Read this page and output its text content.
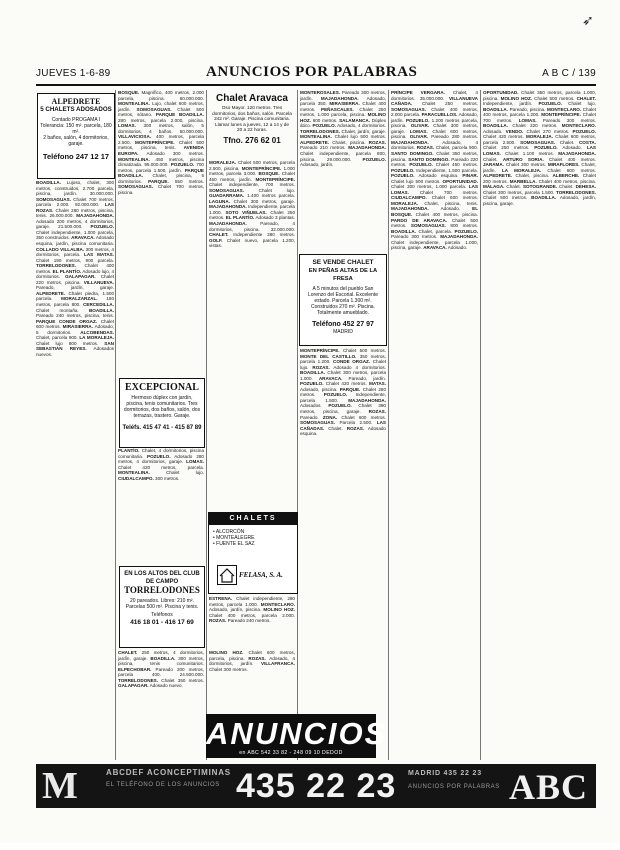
➶
JUEVES 1-6-89	ANUNCIOS POR PALABRAS	A B C / 139

BOADILLA. Lujoso, chalet, 300 metros, construidos, 2.700 parcela, piscina, jardín. 30.000.000. SOMOSAGUAS. Chalet 700 metros, parcela 2.000. 92.000.000. LAS ROZAS. Chalet 280 metros, piscina, tenis. 26.000.000. MAJADAHONDA. Adosado 200 metros, 4 dormitorios, garaje. 21.500.000. POZUELO. Chalet independiente, 1.000 parcela, 350 construidos. ARAVACA. Adosado esquina, jardín, piscina comunitaria. COLLADO VILLALBA. 300 metros, 4 dormitorios, parcela. LAS MATAS. Chalet 190 metros, 900 parcela. TORRELODONES. Chalet 400 metros. EL PLANTÍO. Adosado lujo, 4 dormitorios. GALAPAGAR. Chalet 220 metros, piscina. VILLANUEVA. Pareado, jardín, garaje. ALPEDRETE. Chalet piedra, 1.500 parcela. MORALZARZAL. 180 metros, parcela 800. CERCEDILLA. Chalet montaña. BOADILLA. Pareado 240 metros, piscina, tenis. PARQUE CONDE ORGAZ. Chalet 600 metros. MIRASIERRA. Adosado, 5 dormitorios. ALCOBENDAS. Chalet, parcela 900. LA MORALEJA. Chalet lujo 800 metros. SAN SEBASTIÁN REYES. Adosados nuevos.

ALPEDRETE
5 CHALETS ADOSADOS
Contado PROGAMA I
Tolerancia: 150 m². parcela, 180 m².
2 baños, salón, 4 dormitorios, garaje.
Teléfono 247 12 17

BOSQUE. Magnífico, 400 metros, 2.000 parcela, piscina. 60.000.000. MONTEALINA. Lujo, chalet 600 metros, jardín. SOMOSAGUAS. Chalet 500 metros, sótano. PARQUE BOADILLA. 280 metros, parcela 2.000, piscina. LOMAS. 300 metros, salón, 5 dormitorios, 4 baños. 50.000.000. VILLAVICIOSA. 400 metros, parcela 2.500. MONTEPRÍNCIPE. Chalet 500 metros, piscina, tenis. AVENIDA EUROPA. Adosado 300 metros. MONTEALINA. 450 metros, piscina climatizada. 95.000.000. POZUELO. 700 metros, parcela 1.500, jardín. PARQUE BOADILLA. Chalet, piscina, 5 dormitorios. PARQUE. 550 metros. SOMOSAGUAS. Chalet 700 metros, piscina.

PLANTÍO. Chalet, 4 dormitorios, piscina comunitaria. POZUELO. Adosado 280 metros, 4 dormitorios, garaje. LOMAS. Chalet 420 metros, parcela. MONTEALINA. Chalet lujo. CIUDALCAMPO. 300 metros.

CHALET. 250 metros, 4 dormitorios, jardín, garaje. BOADILLA. 300 metros, piscina, tenis comunitarios. ELPECHOBAR. Pareado 200 metros, parcela 400. 24.500.000. TORRELODONES. Chalet 350 metros. GALAPAGAR. Adosado nuevo.

EXCEPCIONAL
Hermoso dúplex con jardín, piscina, tenis comunitarios. Tres dormitorios, dos baños, salón, dos terrazas, trastero. Garaje.
Teléfs. 415 47 41 - 415 87 89
EN LOS ALTOS DEL CLUB
DE CAMPO
TORRELODONES
20 pareados. Libres: 210 m². Parcelas 500 m². Piscina y tenis.
Teléfonos
416 18 01 - 416 17 69

MORALEJA. Chalet 500 metros, parcela 2.500, piscina. MONTEPRÍNCIPE. 1.000 metros, parcela 3.000. BOSQUE. Chalet 450 metros, jardín. MONTEPRÍNCIPE. Chalet independiente, 700 metros. SOMOSAGUAS. Chalet lujo. GUADARRAMA. 1.400 metros parcela. LAGUNA. Chalet 300 metros, garaje. MAJADAHONDA. Independiente, parcela 1.000. SOTO VIÑUELAS. Chalet 250 metros. EL PLANTÍO. Adosado 3 plantas. MAJADAHONDA. Pareado, 4 dormitorios, piscina. 32.000.000. CHALET. Independiente 380 metros. GOLF. Chalet nuevo, parcela 1.200, vistas.

ESTRENA. Chalet independiente, 280 metros, parcela 1.000. MONTECLARO. Adosado, jardín, piscina. MOLINO HOZ. Chalet 400 metros, parcela 2.000. ROZAS. Pareado 240 metros.

MOLINO HOZ. Chalet 600 metros, parcela, piscina. ROZAS. Adosado, 4 dormitorios, jardín. VILLAFRANCA. Chalet 300 metros.

Chalet Aravaca
Oso Mayor. 120 metros. Tres dormitorios, dos baños, salón. Parcela 242 m². Garaje. Piscina comunitaria. Llamar lunes a jueves, 12 a 14 y de 20 a 22 horas.
Tfno. 276 62 01
CHALETS
• ALCORCÓN
• MONTEALEGRE
• FUENTE EL SAZ
FELASA, S. A.

MONTEROSALES. Pareado 300 metros, jardín. MAJADAHONDA. Adosado, parcela 350. MIRASIERRA. Chalet 400 metros. PEÑASCALES. Chalet 250 metros, 1.000 parcela, piscina. MOLINO HOZ. 600 metros. SALAMANCA. Dúplex ático. POZUELO. Adosado, 4 dormitorios. TORRELODONES. Chalet, jardín, garaje. MONTEALINA. Chalet lujo 500 metros. ALPEDRETE. Chalet, piscina. ROZAS. Pareado 210 metros. MAJADAHONDA. Chalet independiente, parcela 800, piscina. 29.000.000. POZUELO. Adosado, jardín.

MONTEPRÍNCIPE. Chalet 500 metros. MONTE DEL CASTILLO. 350 metros, parcela 1.200. CONDE ORGAZ. Chalet lujo. ROZAS. Adosado 4 dormitorios. BOADILLA. Chalet 300 metros, parcela 1.000. ARAVACA. Pareado, jardín. POZUELO. Chalet 420 metros. MATAS. Adosado, piscina. PARQUE. Chalet 280 metros. POZUELO. Independiente, parcela 1.500. MAJADAHONDA. Adosados. POZUELO. Chalet 390 metros, piscina, garaje. ROZAS. Pareado. ZONA. Chalet 600 metros. SOMOSAGUAS. Parcela 2.500. LAS CAÑADAS. Chalet. ROZAS. Adosado esquina.

SE VENDE CHALET
EN PEÑAS ALTAS DE LA FRESA
A 5 minutos del pueblo San Lorenzo del Escorial. Excelente estado. Parcela 1.300 m². Construidos 270 m². Piscina. Totalmente amueblado.
Teléfono 452 27 97
MADRID

PRÍNCIPE VERGARA. Chalet, 4 dormitorios. 35.000.000. VILLANUEVA CAÑADA. Chalet 250 metros. SOMOSAGUAS. Chalet 400 metros, 2.000 parcela. PARACUELLOS. Adosado, jardín. POZUELO. 1.200 metros parcela, piscina. OLIVAR. Chalet 300 metros, garaje. LOMAS. Chalet 600 metros, piscina. OLIVAR. Pareado 280 metros. MAJADAHONDA. Adosado, 4 dormitorios. ROZAS. Chalet, parcela 900. SANTO DOMINGO. Chalet 350 metros, piscina. SANTO DOMINGO. Pareado 220 metros. POZUELO. Chalet 450 metros. POZUELO. Independiente, 1.500 parcela. POZUELO. Adosado esquina. PINAR. Chalet lujo 500 metros. OPORTUNIDAD. Chalet 300 metros, 1.000 parcela. LAS LOMAS. Chalet 700 metros. CIUDALCAMPO. Chalet 600 metros. MORALEJA. Chalet, piscina, tenis. MAJADAHONDA. Adosado. EL BOSQUE. Chalet 400 metros, piscina. PARDO DE ARAVACA. Chalet 500 metros. SOMOSAGUAS. 800 metros. BOADILLA. Chalet, parcela. POZUELO. Pareado 300 metros. MAJADAHONDA. Chalet independiente, parcela 1.000, piscina, garaje. ARAVACA. Adosado.

OPORTUNIDAD. Chalet 350 metros, parcela 1.000, piscina. MOLINO HOZ. Chalet 500 metros. CHALET. Independiente, jardín. POZUELO. Chalet lujo. BOADILLA. Pareado, piscina. MONTECLARO. Chalet 400 metros, parcela 1.200. MONTEPRÍNCIPE. Chalet 700 metros. LOMAS. Pareado 300 metros. BOADILLA. Chalet 320 metros. MONTECLARO. Adosado. VENDO. Chalet 270 metros. POZUELO. Chalet 420 metros. MORALEJA. Chalet 600 metros, parcela 2.500. SOMOSAGUAS. Chalet. COSTA. Chalet 250 metros. POZUELO. Adosado. LAS LOMAS. Chalet 1.100 metros. MAJADAHONDA. Chalet. ARTURO SORIA. Chalet 400 metros. JARAMA. Chalet 300 metros. MIRAFLORES. Chalet, jardín. LA MORALEJA. Chalet 800 metros. ALPEDRETE. Chalet, piscina. ALBERCHE. Chalet 200 metros. MARBELLA. Chalet 400 metros, piscina. MÁLAGA. Chalet. SOTOGRANDE. Chalet. DEHESA. Chalet 300 metros, parcela 1.500. TORRELODONES. Chalet 500 metros. BOADILLA. Adosado, jardín, piscina, garaje.

ANUNCIOS
en ABC 542 33 82 - 248 09 10 DEDOD
M	ABCDEF ACONCEPTIMINAS
EL TELÉFONO DE LOS ANUNCIOS 435 22 23 MADRID 435 22 23
ANUNCIOS POR PALABRAS ABC
